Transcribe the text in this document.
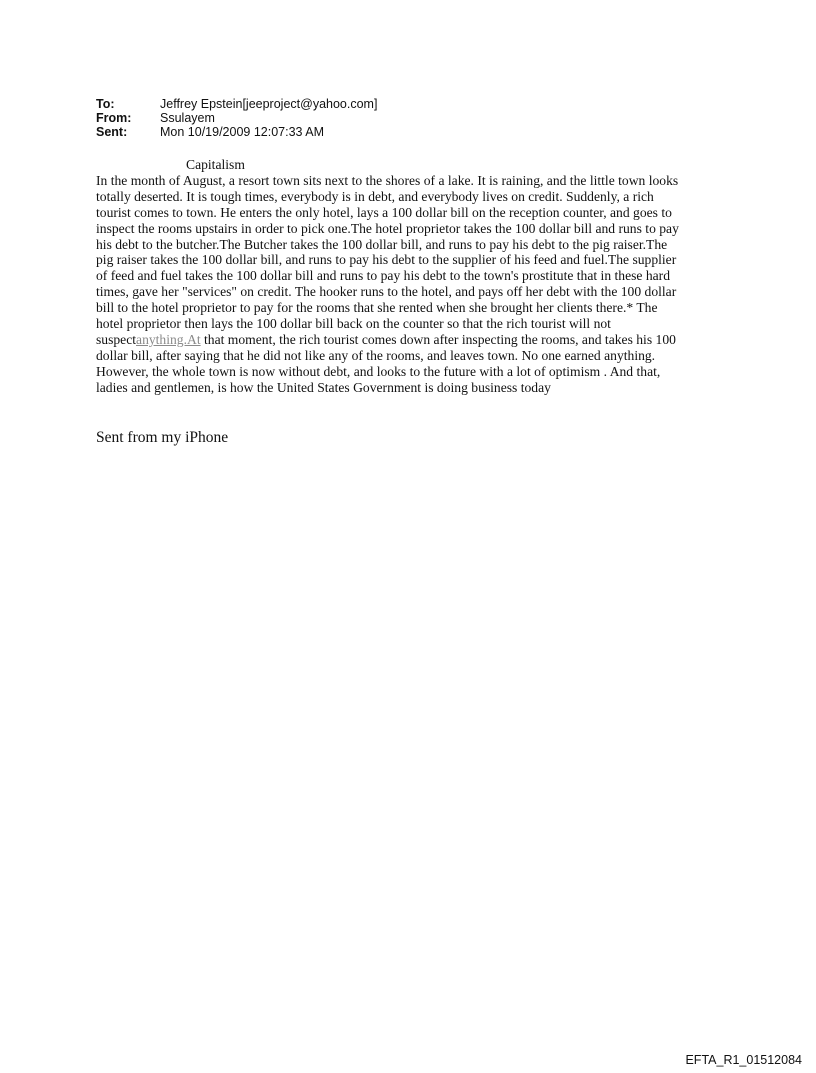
To:	Jeffrey Epstein[jeeproject@yahoo.com]
From:	Ssulayem
Sent:	Mon 10/19/2009 12:07:33 AM
Capitalism
In the month of August, a resort town sits next to the shores of a lake. It is raining, and the little town looks
totally deserted. It is tough times, everybody is in debt, and everybody lives on credit. Suddenly, a rich
tourist comes to town. He enters the only hotel, lays a 100 dollar bill on the reception counter, and goes to
inspect the rooms upstairs in order to pick one.The hotel proprietor takes the 100 dollar bill and runs to pay
his debt to the butcher.The Butcher takes the 100 dollar bill, and runs to pay his debt to the pig raiser.The
pig raiser takes the 100 dollar bill, and runs to pay his debt to the supplier of his feed and fuel.The supplier
of feed and fuel takes the 100 dollar bill and runs to pay his debt to the town's prostitute that in these hard
times, gave her "services" on credit. The hooker runs to the hotel, and pays off her debt with the 100 dollar
bill to the hotel proprietor to pay for the rooms that she rented when she brought her clients there.* The
hotel proprietor then lays the 100 dollar bill back on the counter so that the rich tourist will not
suspectanything.At that moment, the rich tourist comes down after inspecting the rooms, and takes his 100
dollar bill, after saying that he did not like any of the rooms, and leaves town. No one earned anything.
However, the whole town is now without debt, and looks to the future with a lot of optimism . And that,
ladies and gentlemen, is how the United States Government is doing business today
Sent from my iPhone
EFTA_R1_01512084
